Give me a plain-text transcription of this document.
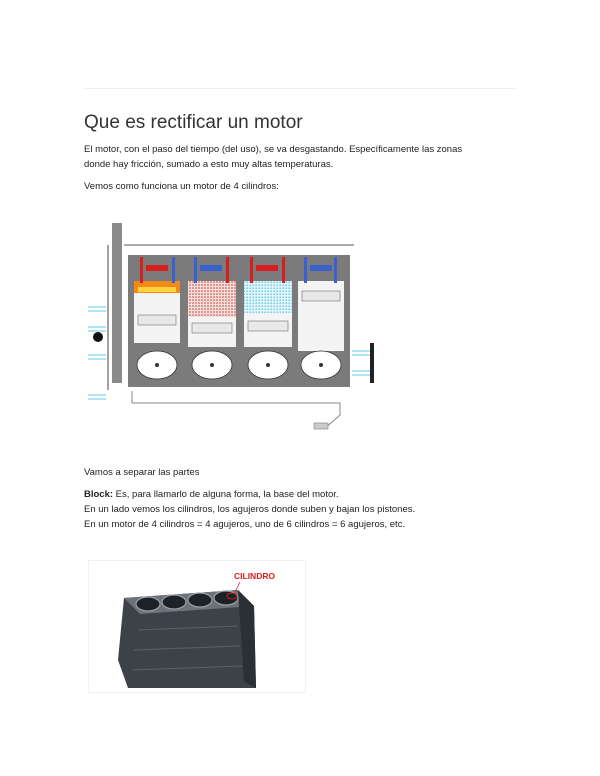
Que es rectificar un motor
El motor, con el paso del tiempo (del uso), se va desgastando. Específicamente las zonas
donde hay fricción, sumado a esto muy altas temperaturas.
Vemos como funciona un motor de 4 cilindros:
Vamos a separar las partes
Block: Es, para llamarlo de alguna forma, la base del motor.
En un lado vemos los cilindros, los agujeros donde suben y bajan los pistones.
En un motor de 4 cilindros = 4 agujeros, uno de 6 cilindros = 6 agujeros, etc.
CILINDRO
